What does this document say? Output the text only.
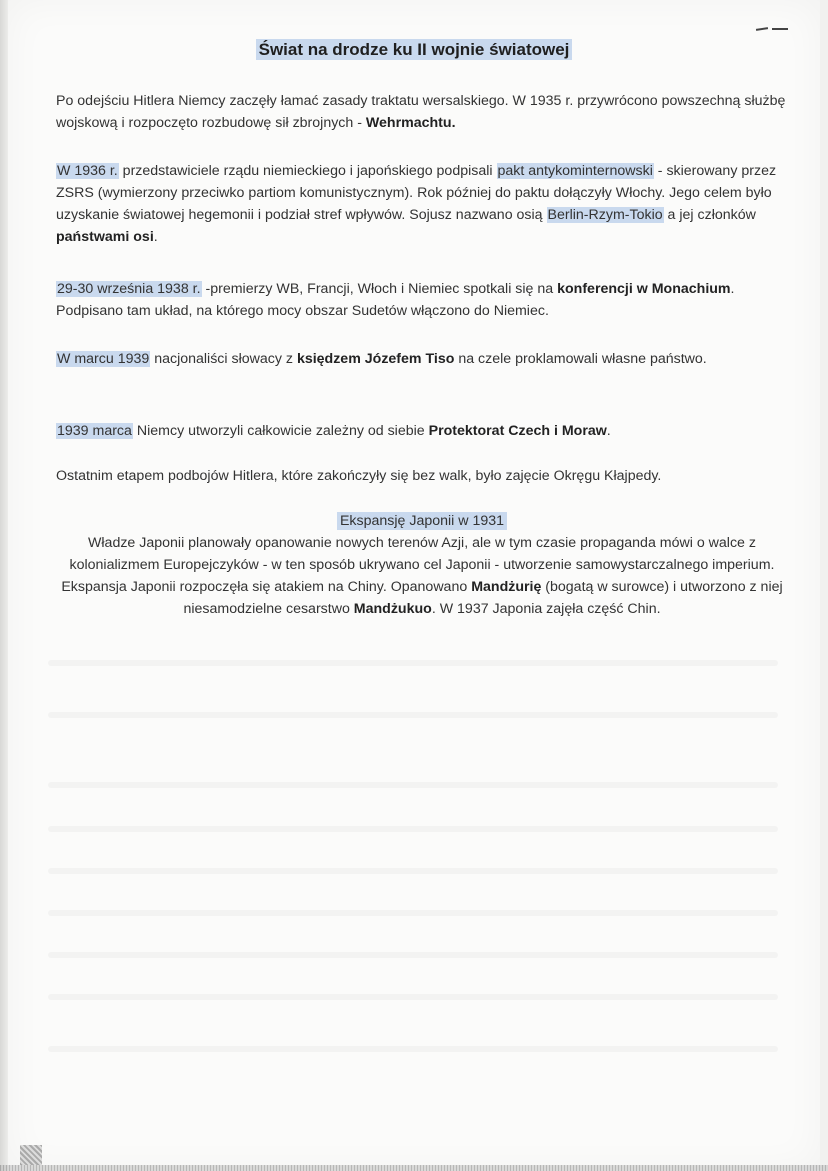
Świat na drodze ku II wojnie światowej
Po odejściu Hitlera Niemcy zaczęły łamać zasady traktatu wersalskiego. W 1935 r. przywrócono powszechną służbę wojskową i rozpoczęto rozbudowę sił zbrojnych - Wehrmachtu.
W 1936 r. przedstawiciele rządu niemieckiego i japońskiego podpisali pakt antykominternowski - skierowany przez ZSRS (wymierzony przeciwko partiom komunistycznym). Rok później do paktu dołączyły Włochy. Jego celem było uzyskanie światowej hegemonii i podział stref wpływów. Sojusz nazwano osią Berlin-Rzym-Tokio a jej członków państwami osi.
29-30 września 1938 r. -premierzy WB, Francji, Włoch i Niemiec spotkali się na konferencji w Monachium. Podpisano tam układ, na którego mocy obszar Sudetów włączono do Niemiec.
W marcu 1939 nacjonaliści słowacy z księdzem Józefem Tiso na czele proklamowali własne państwo.
1939 marca Niemcy utworzyli całkowicie zależny od siebie Protektorat Czech i Moraw.
Ostatnim etapem podbojów Hitlera, które zakończyły się bez walk, było zajęcie Okręgu Kłajpedy.
Ekspansję Japonii w 1931
Władze Japonii planowały opanowanie nowych terenów Azji, ale w tym czasie propaganda mówi o walce z kolonializmem Europejczyków - w ten sposób ukrywano cel Japonii - utworzenie samowystarczalnego imperium. Ekspansja Japonii rozpoczęła się atakiem na Chiny. Opanowano Mandżurię (bogatą w surowce) i utworzono z niej niesamodzielne cesarstwo Mandżukuo. W 1937 Japonia zajęła część Chin.
